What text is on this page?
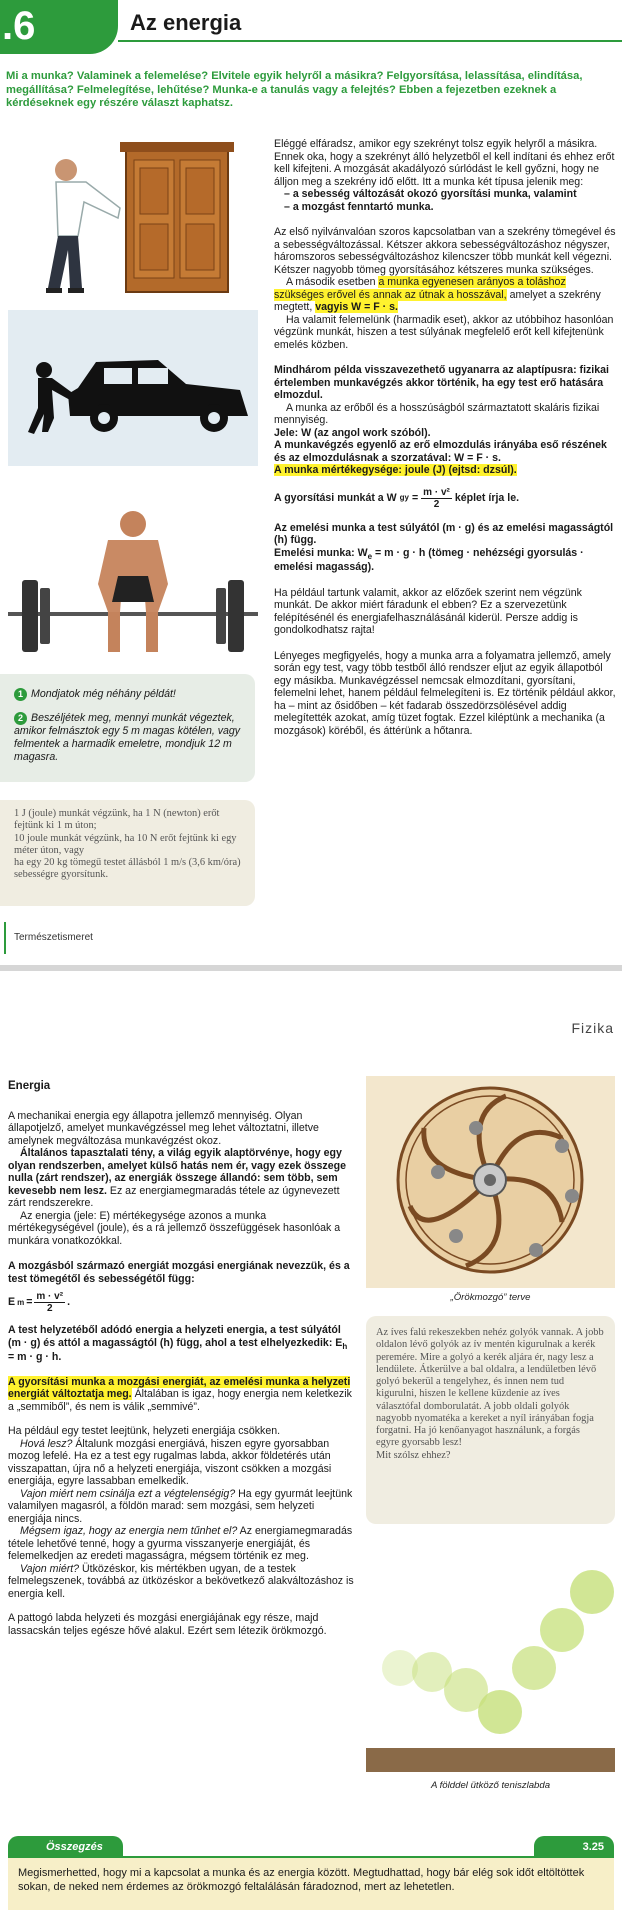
.6	Az energia
Mi a munka? Valaminek a felemelése? Elvitele egyik helyről a másikra? Felgyorsítása, lelassítása, elindítása, megállítása? Felmelegítése, lehűtése? Munka-e a tanulás vagy a felejtés? Ebben a fejezetben ezeknek a kérdéseknek egy részére választ kaphatsz.
1 Mondjatok még néhány példát!
2 Beszéljétek meg, mennyi munkát végeztek, amikor felmásztok egy 5 m magas kötélen, vagy felmentek a harmadik emeletre, mondjuk 12 m magasra.
1 J (joule) munkát végzünk, ha 1 N (newton) erőt fejtünk ki 1 m úton;
10 joule munkát végzünk, ha 10 N erőt fejtünk ki egy méter úton, vagy
ha egy 20 kg tömegű testet állásból 1 m/s (3,6 km/óra) sebességre gyorsítunk.

Eléggé elfáradsz, amikor egy szekrényt tolsz egyik helyről a másikra. Ennek oka, hogy a szekrényt álló helyzetből el kell indítani és ehhez erőt kell kifejteni. A mozgását akadályozó súrlódást le kell győzni, hogy ne álljon meg a szekrény idő előtt. Itt a munka két típusa jelenik meg:

– a sebesség változását okozó gyorsítási munka, valamint

– a mozgást fenntartó munka.

Az első nyilvánvalóan szoros kapcsolatban van a szekrény tömegével és a sebességváltozással. Kétszer akkora sebességváltozáshoz négyszer, háromszoros sebességváltozáshoz kilencszer több munkát kell végezni. Kétszer nagyobb tömeg gyorsításához kétszeres munka szükséges.

A második esetben a munka egyenesen arányos a toláshoz szükséges erővel és annak az útnak a hosszával, amelyet a szekrény megtett, vagyis W = F · s.

Ha valamit felemelünk (harmadik eset), akkor az utóbbihoz hasonlóan végzünk munkát, hiszen a test súlyának megfelelő erőt kell kifejtenünk emelés közben.

Mindhárom példa visszavezethető ugyanarra az alaptípusra: fizikai értelemben munkavégzés akkor történik, ha egy test erő hatására elmozdul.

A munka az erőből és a hosszúságból származtatott skaláris fizikai mennyiség.

Jele: W (az angol work szóból).

A munkavégzés egyenlő az erő elmozdulás irányába eső részének és az elmozdulásnak a szorzatával: W = F · s.

A munka mértékegysége: joule (J) (ejtsd: dzsúl).

A gyorsítási munkát a W gy = $\frac{\text{m · v²}}{2}$ képlet írja le.

Az emelési munka a test súlyától (m · g) és az emelési magasságtól (h) függ.

Emelési munka: $W_e = m \cdot g \cdot h$ (tömeg · nehézségi gyorsulás · emelési magasság).

Ha például tartunk valamit, akkor az előzőek szerint nem végzünk munkát. De akkor miért fáradunk el ebben? Ez a szervezetünk felépítésénél és energiafelhasználásánál kiderül. Persze addig is gondolkodhatsz rajta!

Lényeges megfigyelés, hogy a munka arra a folyamatra jellemző, amely során egy test, vagy több testből álló rendszer eljut az egyik állapotból egy másikba. Munkavégzéssel nemcsak elmozdítani, gyorsítani, felemelni lehet, hanem például felmelegíteni is. Ez történik például akkor, ha – mint az ősidőben – két fadarab összedörzsölésével addig melegítették azokat, amíg tüzet fogtak. Ezzel kiléptünk a mechanika (a mozgások) köréből, és áttérünk a hőtanra.

Természetismeret
Fizika

Energia

A mechanikai energia egy állapotra jellemző mennyiség. Olyan állapotjelző, amelyet munkavégzéssel meg lehet változtatni, illetve amelynek megváltozása munkavégzést okoz.

Általános tapasztalati tény, a világ egyik alaptörvénye, hogy egy olyan rendszerben, amelyet külső hatás nem ér, vagy ezek összege nulla (zárt rendszer), az energiák összege állandó: sem több, sem kevesebb nem lesz. Ez az energiamegmaradás tétele az úgynevezett zárt rendszerekre.

Az energia (jele: E) mértékegysége azonos a munka mértékegységével (joule), és a rá jellemző összefüggések hasonlóak a munkára vonatkozókkal.

A mozgásból származó energiát mozgási energiának nevezzük, és a test tömegétől és sebességétől függ:

E $m = \frac{\text{m · v²}}{2}$ .

A test helyzetéből adódó energia a helyzeti energia, a test súlyától (m · g) és attól a magasságtól (h) függ, ahol a test elhelyezkedik: $E_h = m \cdot g \cdot h$.

A gyorsítási munka a mozgási energiát, az emelési munka a helyzeti energiát változtatja meg. Általában is igaz, hogy energia nem keletkezik a „semmiből”, és nem is válik „semmivé”.

Ha például egy testet leejtünk, helyzeti energiája csökken.

Hová lesz? Általunk mozgási energiává, hiszen egyre gyorsabban mozog lefelé. Ha ez a test egy rugalmas labda, akkor földetérés után visszapattan, újra nő a helyzeti energiája, viszont csökken a mozgási energiája, egyre lassabban emelkedik.

Vajon miért nem csinálja ezt a végtelenségig? Ha egy gyurmát leejtünk valamilyen magasról, a földön marad: sem mozgási, sem helyzeti energiája nincs.

Mégsem igaz, hogy az energia nem tűnhet el? Az energiamegmaradás tétele lehetővé tenné, hogy a gyurma visszanyerje energiáját, és felemelkedjen az eredeti magasságra, mégsem történik ez meg.

Vajon miért? Ütközéskor, kis mértékben ugyan, de a testek felmelegszenek, továbbá az ütközéskor a bekövetkező alakváltozáshoz is energia kell.

A pattogó labda helyzeti és mozgási energiájának egy része, majd lassacskán teljes egésze hővé alakul. Ezért sem létezik örökmozgó.

„Örökmozgó” terve

Az íves falú rekeszekben nehéz golyók vannak. A jobb oldalon lévő golyók az ív mentén kigurulnak a kerék peremére. Mire a golyó a kerék aljára ér, nagy lesz a lendülete. Átkerülve a bal oldalra, a lendületben lévő golyó bekerül a tengelyhez, és innen nem tud kigurulni, hiszen le kellene küzdenie az íves választófal domborulatát. A jobb oldali golyók nagyobb nyomatéka a kereket a nyíl irányában fogja forgatni. Ha jó kenőanyagot használunk, a forgás egyre gyorsabb lesz!

Mit szólsz ehhez?

A földdel ütköző teniszlabda
Összegzés	3.25
Megismerhetted, hogy mi a kapcsolat a munka és az energia között. Megtudhattad, hogy bár elég sok időt eltöltöttek sokan, de neked nem érdemes az örökmozgó feltalálásán fáradoznod, mert az lehetetlen.
